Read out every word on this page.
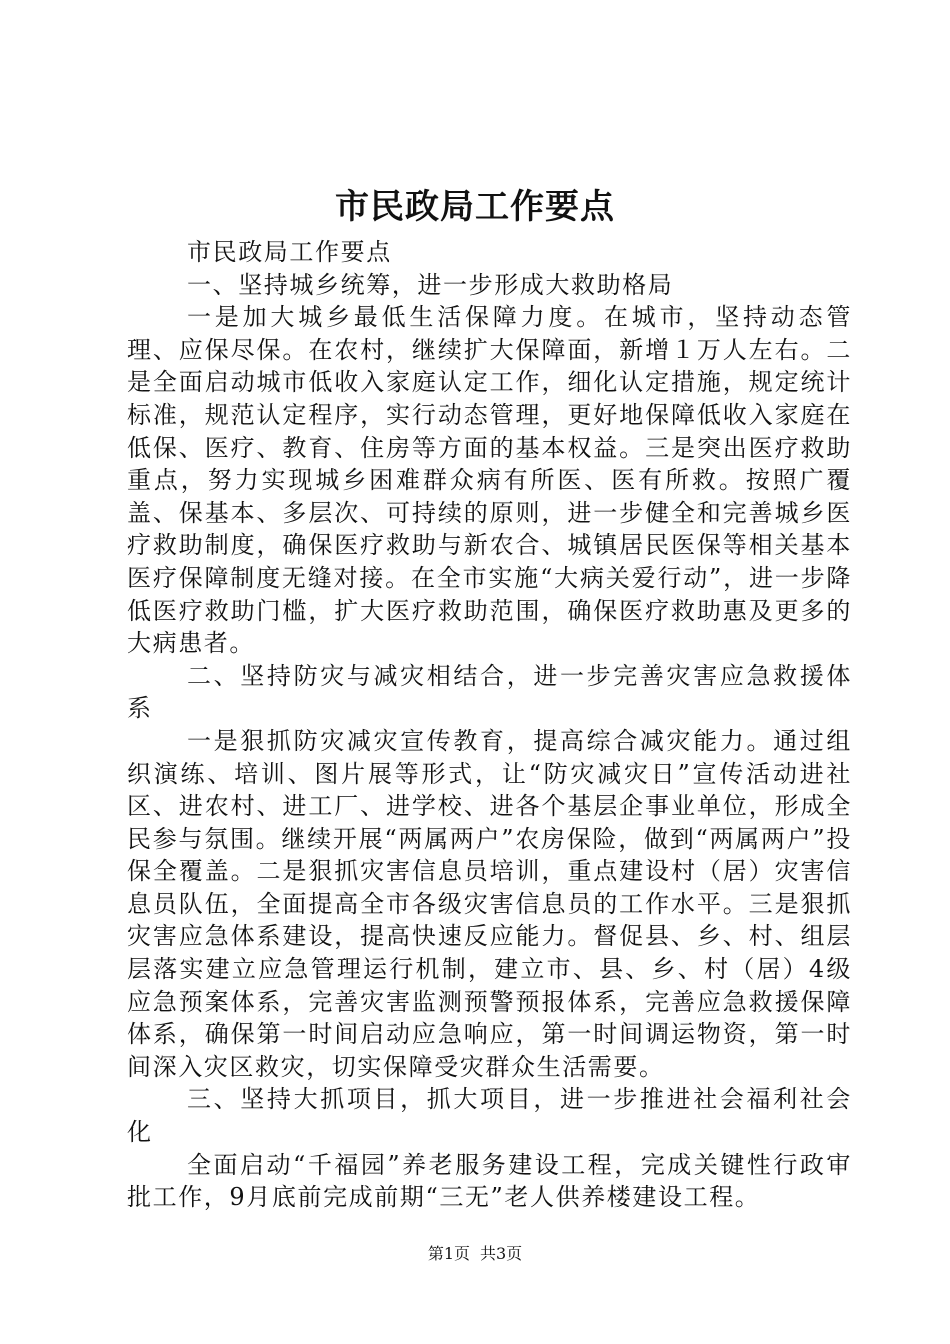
市民政局工作要点

市民政局工作要点

一、坚持城乡统筹，进一步形成大救助格局

一是加大城乡最低生活保障力度。在城市，坚持动态管理、应保尽保。在农村，继续扩大保障面，新增１万人左右。二是全面启动城市低收入家庭认定工作，细化认定措施，规定统计标准，规范认定程序，实行动态管理，更好地保障低收入家庭在低保、医疗、教育、住房等方面的基本权益。三是突出医疗救助重点，努力实现城乡困难群众病有所医、医有所救。按照广覆盖、保基本、多层次、可持续的原则，进一步健全和完善城乡医疗救助制度，确保医疗救助与新农合、城镇居民医保等相关基本医疗保障制度无缝对接。在全市实施“大病关爱行动”，进一步降低医疗救助门槛，扩大医疗救助范围，确保医疗救助惠及更多的大病患者。

二、坚持防灾与减灾相结合，进一步完善灾害应急救援体系

一是狠抓防灾减灾宣传教育，提高综合减灾能力。通过组织演练、培训、图片展等形式，让“防灾减灾日”宣传活动进社区、进农村、进工厂、进学校、进各个基层企事业单位，形成全民参与氛围。继续开展“两属两户”农房保险，做到“两属两户”投保全覆盖。二是狠抓灾害信息员培训，重点建设村（居）灾害信息员队伍，全面提高全市各级灾害信息员的工作水平。三是狠抓灾害应急体系建设，提高快速反应能力。督促县、乡、村、组层层落实建立应急管理运行机制，建立市、县、乡、村（居）4级应急预案体系，完善灾害监测预警预报体系，完善应急救援保障体系，确保第一时间启动应急响应，第一时间调运物资，第一时间深入灾区救灾，切实保障受灾群众生活需要。

三、坚持大抓项目，抓大项目，进一步推进社会福利社会化

全面启动“千福园”养老服务建设工程，完成关键性行政审批工作，9月底前完成前期“三无”老人供养楼建设工程。

第1页 共3页
